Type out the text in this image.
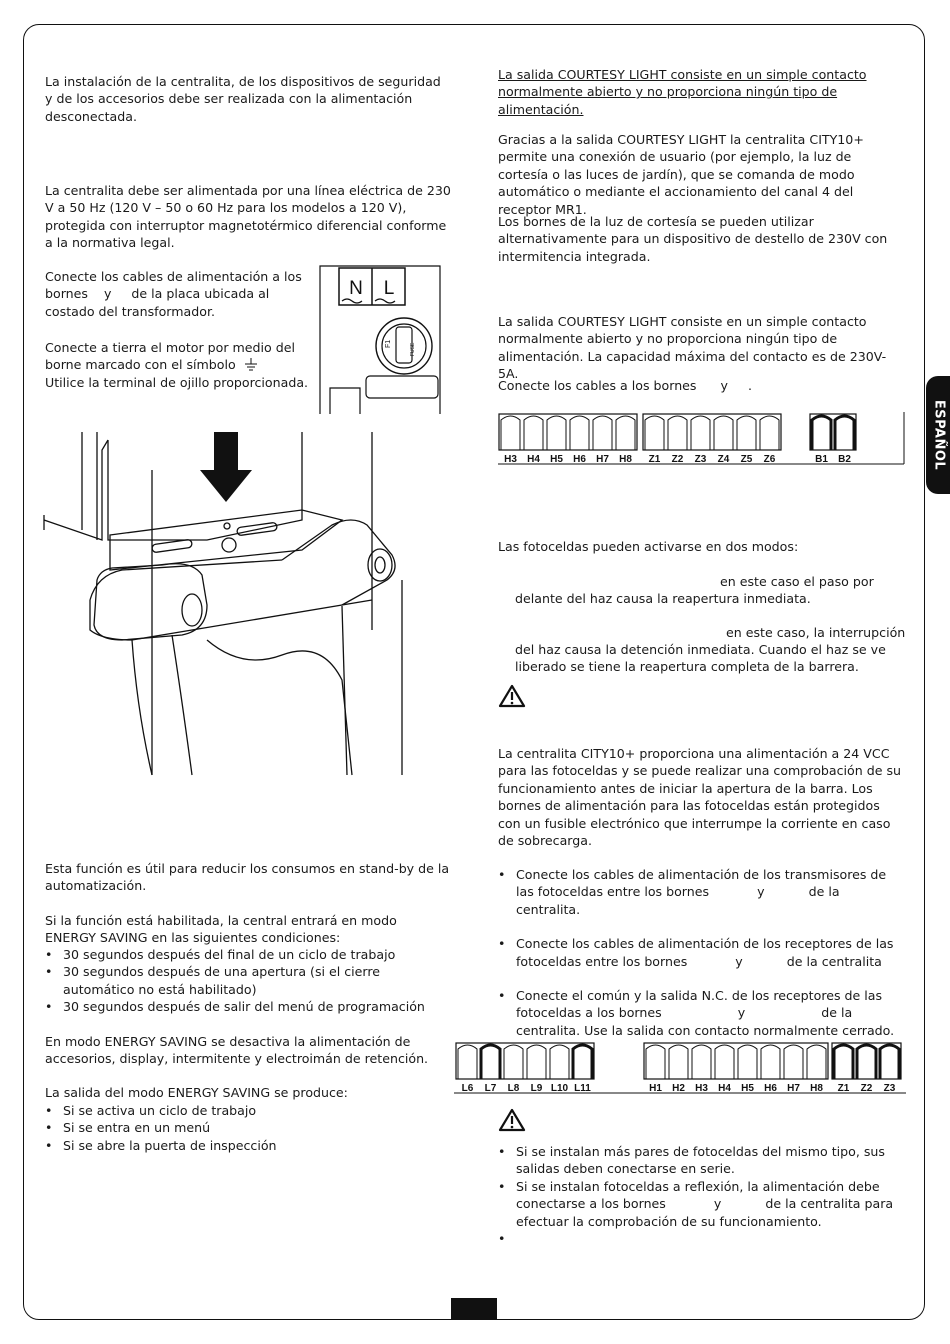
La instalación de la centralita, de los dispositivos de seguridad y de los accesorios debe ser realizada con la alimentación desconectada.

La centralita debe ser alimentada por una línea eléctrica de 230 V a 50 Hz (120 V – 50 o 60 Hz para los modelos a 120 V), protegida con interruptor magnetotérmico diferencial conforme a la normativa legal.

Conecte los cables de alimentación a los
bornes    y     de la placa ubicada al
costado del transformador.

Conecte a tierra el motor por medio del
borne marcado con el símbolo
Utilice la terminal de ojillo proporcionada.

N L
F1	FUSE

Esta función es útil para reducir los consumos en stand-by de la automatización.

Si la función está habilitada, la central entrará en modo ENERGY SAVING en las siguientes condiciones:

• 30 segundos después del final de un ciclo de trabajo
• 30 segundos después de una apertura (si el cierre automático no está habilitado)
• 30 segundos después de salir del menú de programación

En modo ENERGY SAVING se desactiva la alimentación de accesorios, display, intermitente y electroimán de retención.

La salida del modo ENERGY SAVING se produce:

• Si se activa un ciclo de trabajo
• Si se entra en un menú
• Si se abre la puerta de inspección

La salida COURTESY LIGHT consiste en un simple contacto normalmente abierto y no proporciona ningún tipo de alimentación.

Gracias a la salida COURTESY LIGHT la centralita CITY10+ permite una conexión de usuario (por ejemplo, la luz de cortesía o las luces de jardín), que se comanda de modo automático o mediante el accionamiento del canal 4 del receptor MR1.

Los bornes de la luz de cortesía se pueden utilizar alternativamente para un dispositivo de destello de 230V con intermitencia integrada.

La salida COURTESY LIGHT consiste en un simple contacto normalmente abierto y no proporciona ningún tipo de alimentación. La capacidad máxima del contacto es de 230V-5A.

Conecte los cables a los bornes      y     .

H3 H4 H5 H6 H7 H8 Z1 Z2 Z3 Z4 Z5 Z6	B1 B2

Las fotoceldas pueden activarse en dos modos:

en este caso el paso por

delante del haz causa la reapertura inmediata.

en este caso, la interrupción

del haz causa la detención inmediata. Cuando el haz se ve liberado se tiene la reapertura completa de la barrera.

La centralita CITY10+ proporciona una alimentación a 24 VCC para las fotoceldas y se puede realizar una comprobación de su funcionamiento antes de iniciar la apertura de la barra. Los bornes de alimentación para las fotoceldas están protegidos con un fusible electrónico que interrumpe la corriente en caso de sobrecarga.

• Conecte los cables de alimentación de los transmisores de las fotoceldas entre los bornes            y           de la centralita.
• Conecte los cables de alimentación de los receptores de las fotoceldas entre los bornes            y           de la centralita
• Conecte el común y la salida N.C. de los receptores de las fotoceldas a los bornes                   y                   de la centralita. Use la salida con contacto normalmente cerrado.
L6 L7 L8 L9 L10 L11	H1 H2 H3 H4 H5 H6 H7 H8 Z1 Z2 Z3
• Si se instalan más pares de fotoceldas del mismo tipo, sus salidas deben conectarse en serie.
• Si se instalan fotoceldas a reflexión, la alimentación debe conectarse a los bornes            y           de la centralita para efectuar la comprobación de su funcionamiento.
•
ESPAÑOL
